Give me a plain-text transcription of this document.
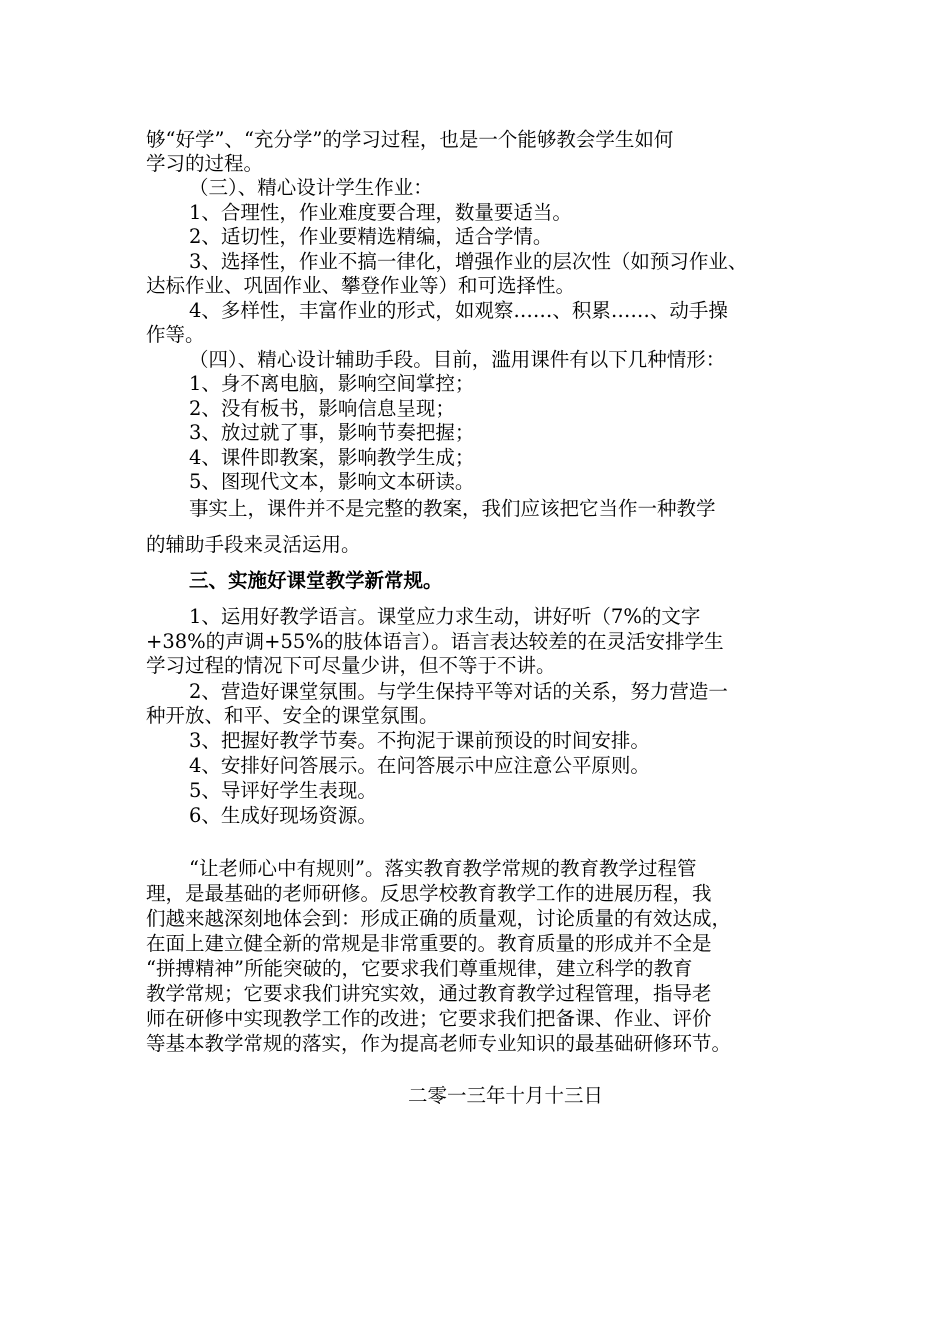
够“好学”、“充分学”的学习过程，也是一个能够教会学生如何
学习的过程。
（三）、精心设计学生作业：
1、合理性，作业难度要合理，数量要适当。
2、适切性，作业要精选精编，适合学情。
3、选择性，作业不搞一律化，增强作业的层次性（如预习作业、
达标作业、巩固作业、攀登作业等）和可选择性。
4、多样性，丰富作业的形式，如观察……、积累……、动手操
作等。
（四）、精心设计辅助手段。目前，滥用课件有以下几种情形：
1、身不离电脑，影响空间掌控；
2、没有板书，影响信息呈现；
3、放过就了事，影响节奏把握；
4、课件即教案，影响教学生成；
5、图现代文本，影响文本研读。
事实上，课件并不是完整的教案，我们应该把它当作一种教学
的辅助手段来灵活运用。
三、实施好课堂教学新常规。
1、运用好教学语言。课堂应力求生动，讲好听（7%的文字
+38%的声调+55%的肢体语言）。语言表达较差的在灵活安排学生
学习过程的情况下可尽量少讲，但不等于不讲。
2、营造好课堂氛围。与学生保持平等对话的关系，努力营造一
种开放、和平、安全的课堂氛围。
3、把握好教学节奏。不拘泥于课前预设的时间安排。
4、安排好问答展示。在问答展示中应注意公平原则。
5、导评好学生表现。
6、生成好现场资源。
“让老师心中有规则”。落实教育教学常规的教育教学过程管
理，是最基础的老师研修。反思学校教育教学工作的进展历程，我
们越来越深刻地体会到：形成正确的质量观，讨论质量的有效达成，
在面上建立健全新的常规是非常重要的。教育质量的形成并不全是
“拼搏精神”所能突破的，它要求我们尊重规律，建立科学的教育
教学常规；它要求我们讲究实效，通过教育教学过程管理，指导老
师在研修中实现教学工作的改进；它要求我们把备课、作业、评价
等基本教学常规的落实，作为提高老师专业知识的最基础研修环节。
二零一三年十月十三日
